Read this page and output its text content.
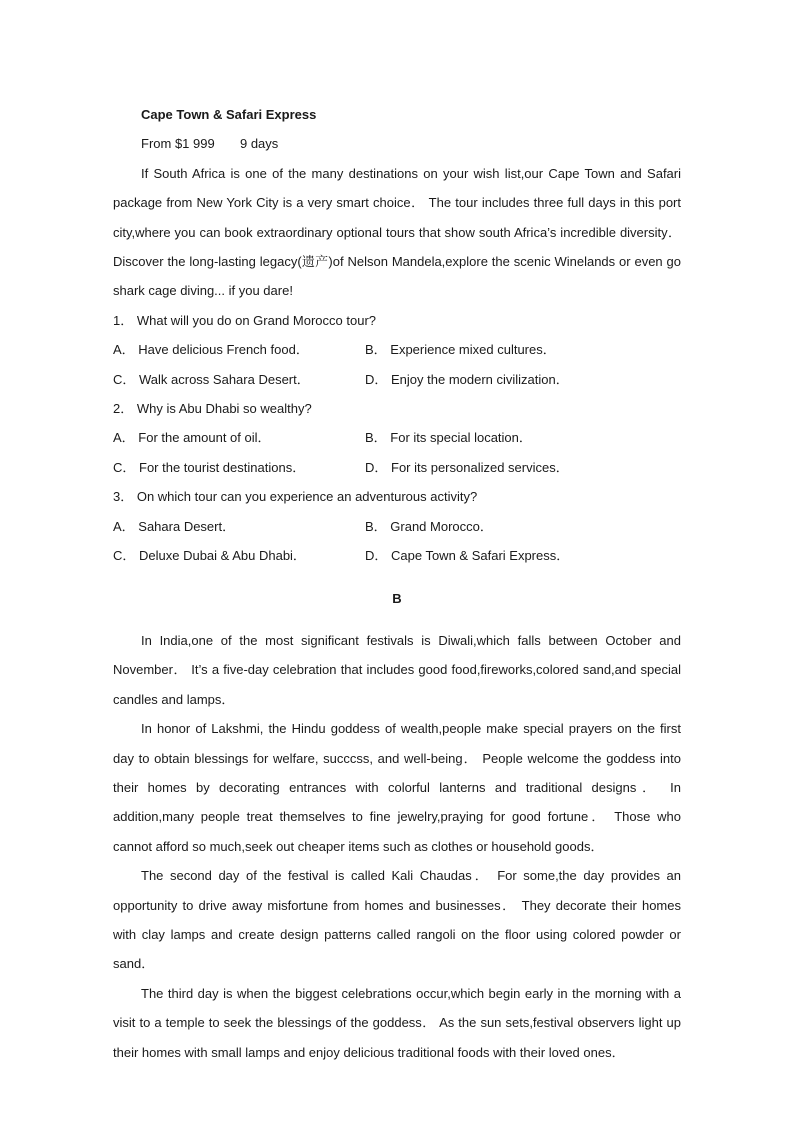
Cape Town & Safari Express

From $1 999       9 days

If South Africa is one of the many destinations on your wish list,our Cape Town and Safari package from New York City is a very smart choice． The tour includes three full days in this port city,where you can book extraordinary optional tours that show south Africa’s incredible diversity． Discover the long-lasting legacy(遗产)of Nelson Mandela,explore the scenic Winelands or even go shark cage diving... if you dare!

1． What will you do on Grand Morocco tour?

A． Have delicious French food．	B． Experience mixed cultures．
C． Walk across Sahara Desert．	D． Enjoy the modern civilization．

2． Why is Abu Dhabi so wealthy?

A． For the amount of oil．	B． For its special location．
C． For the tourist destinations．	D． For its personalized services．

3． On which tour can you experience an adventurous activity?

A． Sahara Desert．	B． Grand Morocco．
C． Deluxe Dubai & Abu Dhabi．	D． Cape Town & Safari Express．

B

In India,one of the most significant festivals is Diwali,which falls between October and November． It’s a five-day celebration that includes good food,fireworks,colored sand,and special candles and lamps．

In honor of Lakshmi, the Hindu goddess of wealth,people make special prayers on the first day to obtain blessings for welfare, succcss, and well-being． People welcome the goddess into their homes by decorating entrances with colorful lanterns and traditional designs． In addition,many people treat themselves to fine jewelry,praying for good fortune． Those who cannot afford so much,seek out cheaper items such as clothes or household goods．

The second day of the festival is called Kali Chaudas． For some,the day provides an opportunity to drive away misfortune from homes and businesses． They decorate their homes with clay lamps and create design patterns called rangoli on the floor using colored powder or sand．

The third day is when the biggest celebrations occur,which begin early in the morning with a visit to a temple to seek the blessings of the goddess． As the sun sets,festival observers light up their homes with small lamps and enjoy delicious traditional foods with their loved ones．
